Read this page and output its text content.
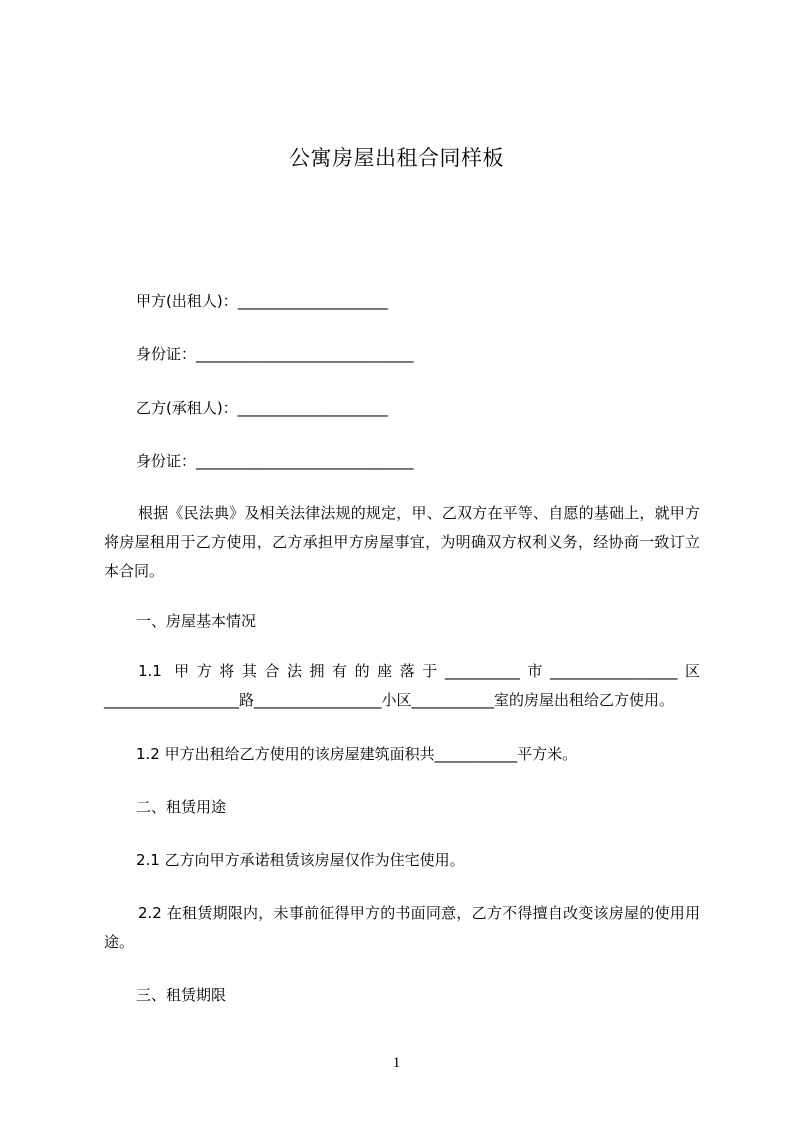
公寓房屋出租合同样板
甲方(出租人)：____________________
身份证：_____________________________
乙方(承租人)：____________________
身份证：_____________________________
根据《民法典》及相关法律法规的规定，甲、乙双方在平等、自愿的基础上，就甲方将房屋租用于乙方使用，乙方承担甲方房屋事宜，为明确双方权利义务，经协商一致订立本合同。
一、房屋基本情况
1.1 甲方将其合法拥有的座落于__________市_________________区__________________路_________________小区___________室的房屋出租给乙方使用。
1.2 甲方出租给乙方使用的该房屋建筑面积共___________平方米。
二、租赁用途
2.1 乙方向甲方承诺租赁该房屋仅作为住宅使用。
2.2 在租赁期限内，未事前征得甲方的书面同意，乙方不得擅自改变该房屋的使用用途。
三、租赁期限
1
